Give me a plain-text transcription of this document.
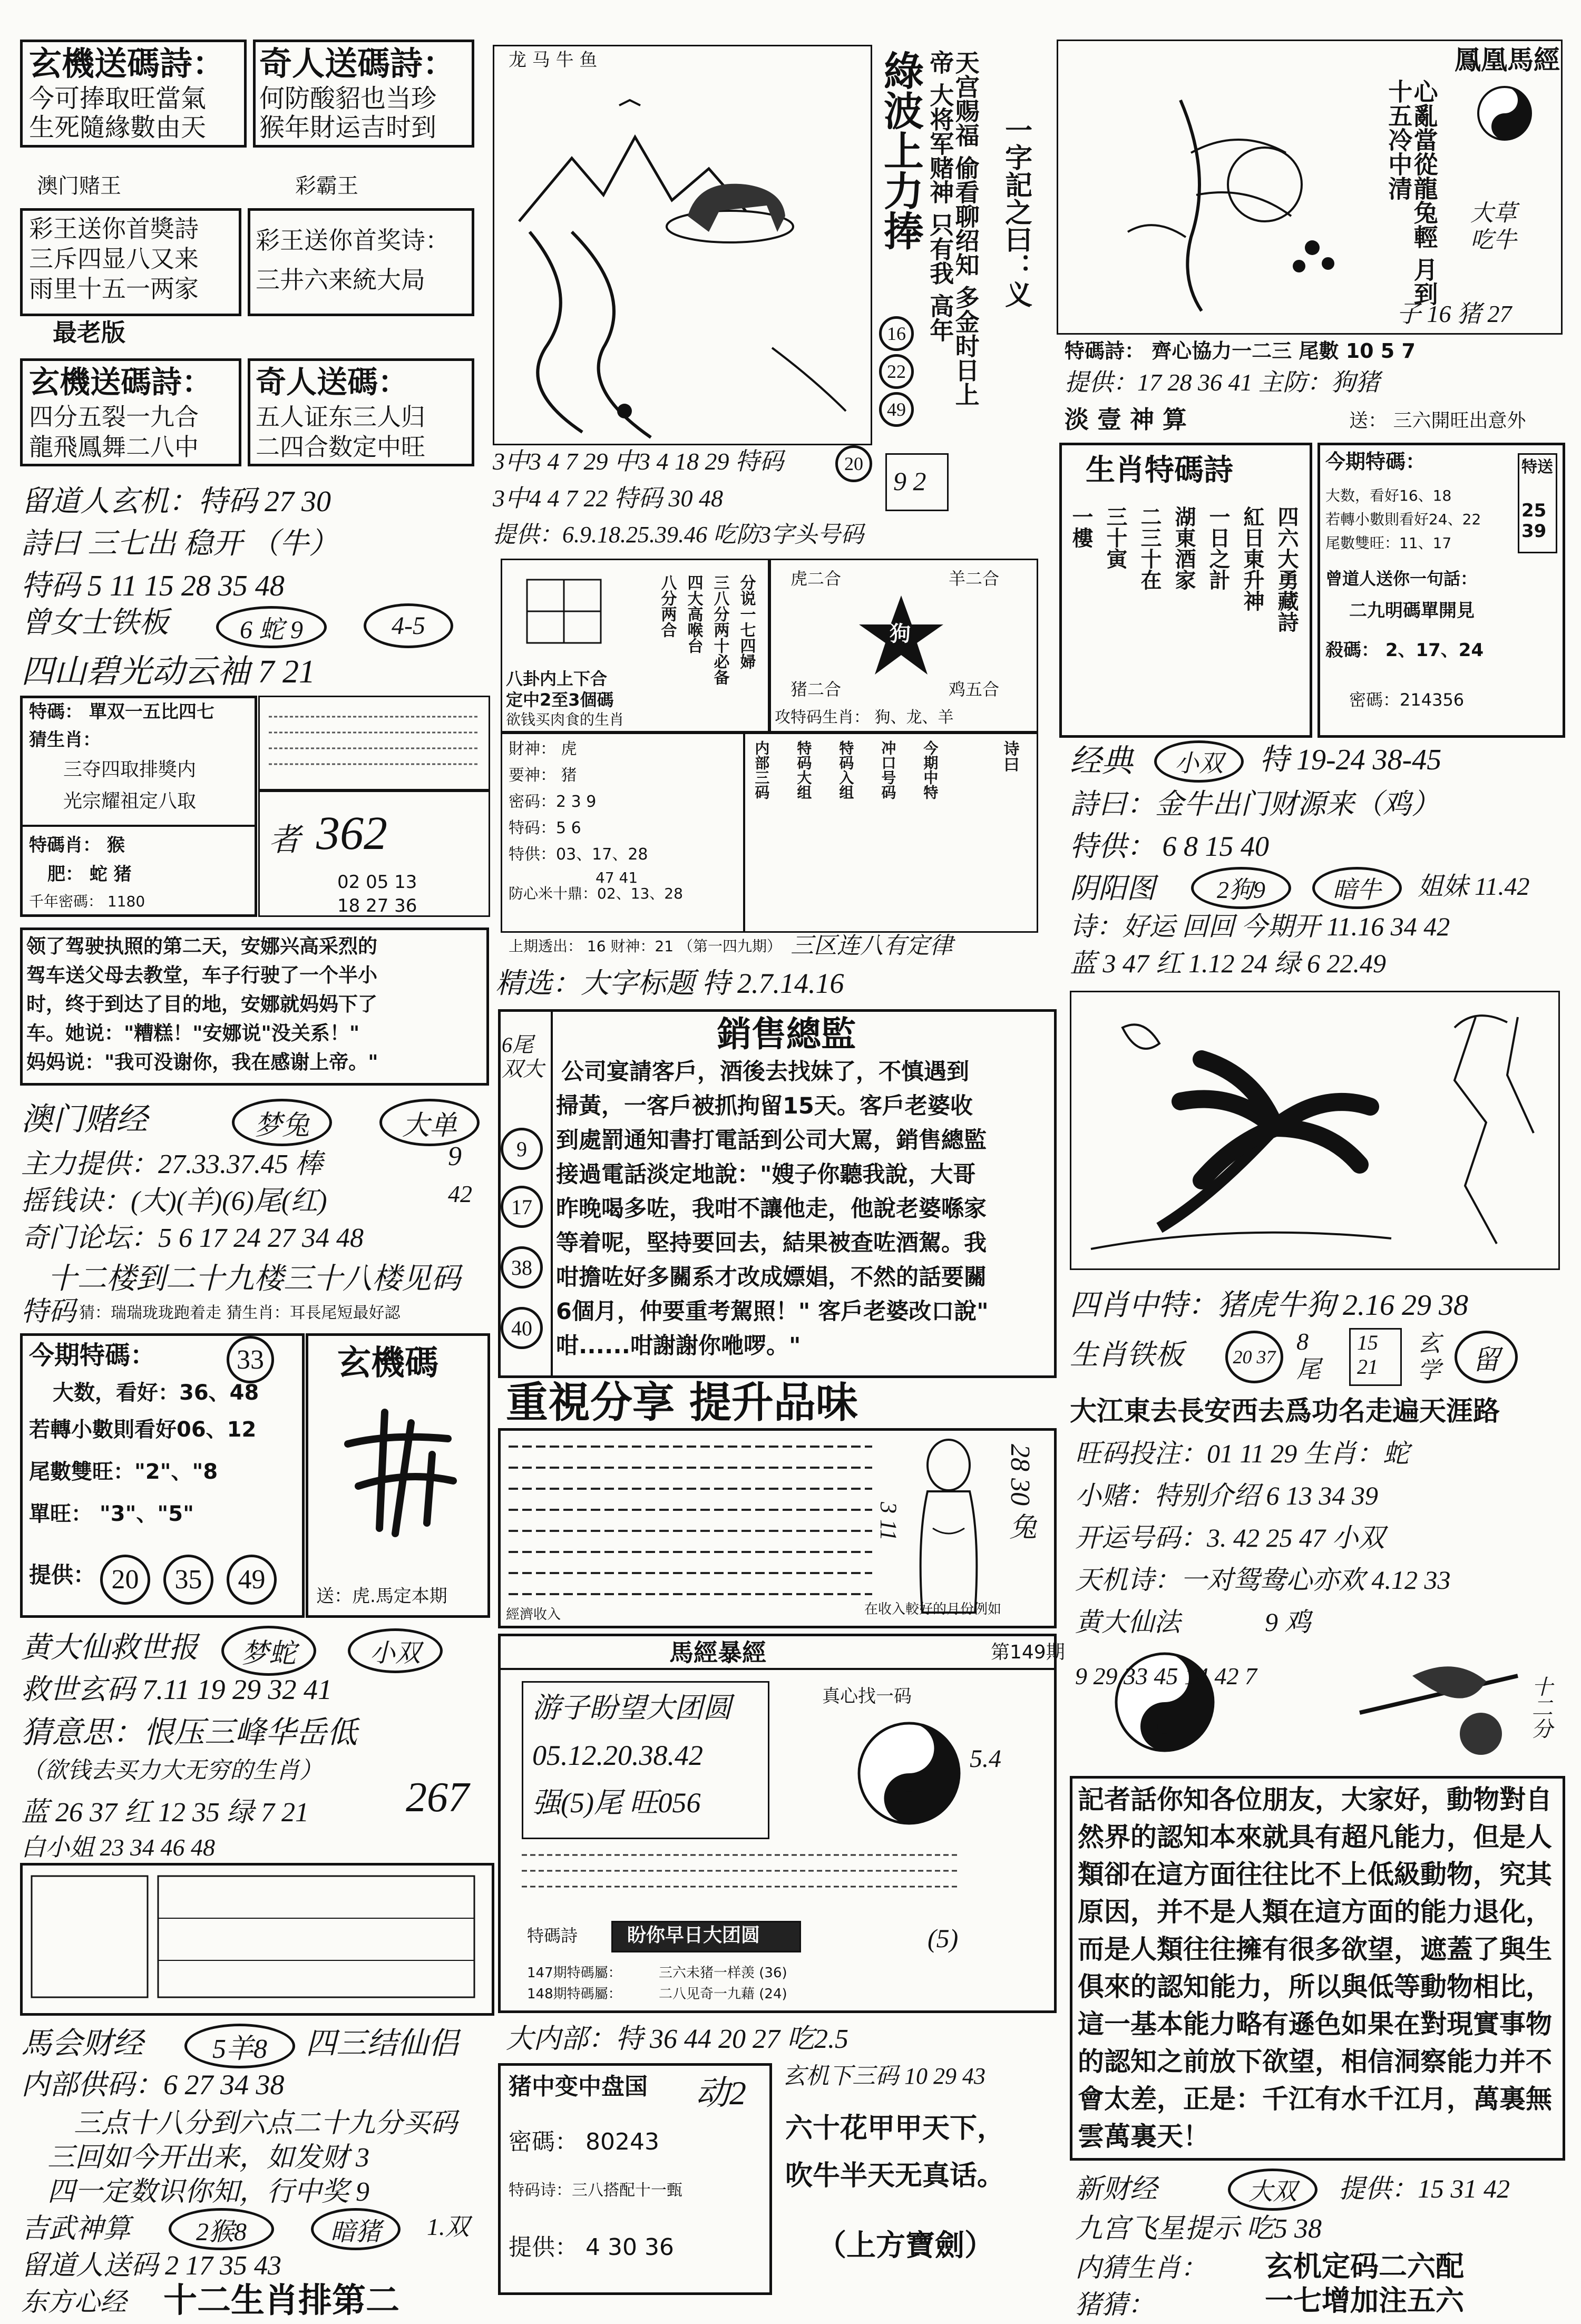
玄機送碼詩：
今可捧取旺當氣
生死隨緣數由天
奇人送碼詩：
何防酸貂也当珍
猴年財运吉时到
澳门赌王	彩霸王
彩王送你首獎詩
三斥四显八又来
雨里十五一两家
彩王送你首奖诗：
三井六来統大局
最老版
玄機送碼詩：
四分五裂一九合
龍飛鳳舞二八中
奇人送碼：
五人证东三人归
二四合数定中旺
留道人玄机：特码 27 30
詩曰 三七出 稳开 （牛）
特码 5 11 15 28 35 48
曾女士铁板	6 蛇 9	4-5
四山碧光动云袖 7 21
特碼： 單双一五比四七
猜生肖：
三夺四取排獎内
光宗耀祖定八取
特碼肖： 猴
肥： 蛇 猪
千年密碼： 1180
者 362
02 05 13
18 27 36
领了驾驶执照的第二天，安娜兴高采烈的
驾车送父母去教堂，车子行驶了一个半小
时，终于到达了目的地，安娜就妈妈下了
车。她说："糟糕！"安娜说"没关系！"
妈妈说："我可没谢你，我在感谢上帝。"
澳门赌经	梦兔	大单
主力提供：27.33.37.45 棒	9
摇钱诀：(大)(羊)(6)尾(红)	42
奇门论坛：5 6 17 24 27 34 48
十二楼到二十九楼三十八楼见码
特码 猜：瑞瑞珑珑跑着走 猜生肖：耳長尾短最好認
今期特碼：	33
大数，看好：36、48
若轉小數則看好06、12
尾數雙旺："2"、"8
單旺： "3"、"5"
提供： 20	35	49
玄機碼
送：虎.馬定本期
黄大仙救世报	梦蛇	小双
救世玄码 7.11 19 29 32 41
猜意思：恨压三峰华岳低
（欲钱去买力大无穷的生肖）
267
蓝 26 37 红 12 35 绿 7 21
白小姐 23 34 46 48
馬会财经	5羊8	四三结仙侣
内部供码：6 27 34 38
三点十八分到六点二十九分买码
三回如今开出来，如发财 3
四一定数识你知，行中奖 9
吉武神算	2猴8	暗猪	1.双
留道人送码 2 17 35 43
东方心经 十二生肖排第二
龙 马 牛 鱼	綠波上力捧
16
22
49
天宫赐福 偷看聊绍知 多金时日上帝 大将军赌神 只有我 高年	一字記之曰：义
3中3 4 7 29 中3 4 18 29 特码	20
3中4 4 7 22 特码 30 48
提供：6.9.18.25.39.46 吃防3字头号码
9 2
八卦内上下合
定中2至3個碼
欲钱买肉食的生肖
分说一七四婦
三八分两十必备
四大高喉台
八分两合	虎二合	羊二合
猪二合	鸡五合
狗
攻特码生肖： 狗、龙、羊
財神： 虎
要神： 猪
密码：2 3 9
特码：5 6
特供：03、17、28
防心米十鼎：02、13、28
47 41
内部三码 特码大组 特码入组 冲口号码 今期中特	诗曰
上期透出： 16 财神：21 （第一四九期） 三区连八有定律
精选：大字标题 特 2.7.14.16
銷售總監
6尾双大
9
17
38
40
公司宴請客戶，酒後去找妹了，不慎遇到
掃黃，一客戶被抓拘留15天。客戶老婆收
到處罰通知書打電話到公司大罵，銷售總監
接過電話淡定地說："嫂子你聽我說，大哥
昨晚喝多咗，我咁不讓他走，他說老婆喺家
等着呢，堅持要回去，結果被查咗酒駕。我
咁擔咗好多關系才改成嫖娼，不然的話要關
6個月，仲要重考駕照！" 客戶老婆改口說"
咁......咁謝謝你咃啰。"
重視分享 提升品味
3 11	28 30 兔
在收入較好的月份例如
經濟收入
馬經暴經	第149期
游子盼望大团圆
05.12.20.38.42
强(5)尾 旺056
真心找一码
5.4
特碼詩	盼你早日大团圆
147期特碼屬：
148期特碼屬：
三六未猪一样羡 (36)
二八见奇一九藉 (24)
(5)
大内部：特 36 44 20 27 吃2.5
猪中变中盘国 动2
密碼： 80243
特码诗：三八搭配十一甄
提供： 4 30 36
玄机下三码 10 29 43
六十花甲甲天下，
吹牛半天无真话。
（上方寶劍）
鳳凰馬經
心亂當從龍兔輕 月到十五冷中清
大草 吃牛
子 16 猪 27
特碼詩： 齊心協力一二三 尾數 10 5 7
提供：17 28 36 41 主防：狗猪
淡 壹 神 算	送： 三六開旺出意外
生肖特碼詩
四六大勇藏詩
紅日東升神
一日之計
湖東酒家
二三十在
三十寅
一樓
今期特碼：
大数，看好16、18
若轉小數則看好24、22
尾數雙旺：11、17
特送
25 39
曾道人送你一句話：
二九明碼單開見
殺碼： 2、17、24
密碼：214356
经典	小双	特 19-24 38-45
詩曰：金牛出门财源来（鸡）
特供： 6 8 15 40
阴阳图	2狗9	暗牛	姐妹 11.42
诗：好运 回回 今期开 11.16 34 42
蓝 3 47 红 1.12 24 绿 6 22.49
四肖中特：猪虎牛狗 2.16 29 38
生肖铁板	20 37
8尾
15 21
玄学	留
大江東去長安西去爲功名走遍天涯路
旺码投注：01 11 29 生肖：蛇
小赌：特别介绍 6 13 34 39
开运号码：3. 42 25 47 小双
天机诗：一对鸳鸯心亦欢 4.12 33
黄大仙法	9 鸡
9 29 33 45 14 42 7	十二分
記者話你知各位朋友，大家好，動物對自然界的認知本來就具有超凡能力，但是人類卻在這方面往往比不上低級動物，究其原因，并不是人類在這方面的能力退化，而是人類往往擁有很多欲望，遮蓋了與生俱來的認知能力，所以與低等動物相比，這一基本能力略有遜色如果在對現實事物的認知之前放下欲望，相信洞察能力并不會太差，正是：千江有水千江月，萬裏無雲萬裏天！
新财经	大双	提供：15 31 42
九宫飞星提示 吃5 38
内猜生肖： 玄机定码二六配
猪猜：	一七增加注五六
